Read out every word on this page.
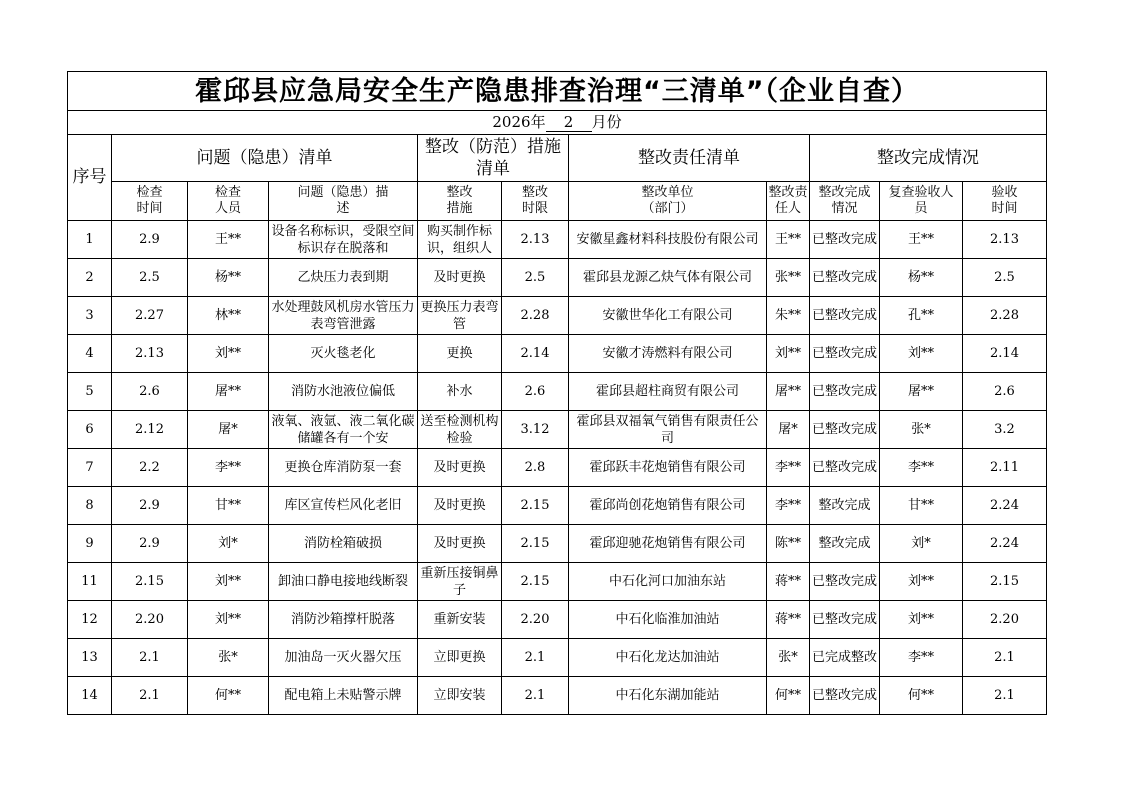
霍邱县应急局安全生产隐患排查治理“三清单”（企业自查）										
2026年 2 月份										
序号	问题（隐患）清单			整改（防范）措施清单		整改责任清单		整改完成情况		

	检查时间	检查人员	问题（隐患）描述	整改措施	整改时限	整改单位（部门）	整改责任人	整改完成情况	复查验收人员	验收时间

1	2.9	王**	设备名称标识，受限空间标识存在脱落和	购买制作标识，组织人	2.13	安徽星鑫材料科技股份有限公司	王**	已整改完成	王**	2.13

2	2.5	杨**	乙炔压力表到期	及时更换	2.5	霍邱县龙源乙炔气体有限公司	张**	已整改完成	杨**	2.5

3	2.27	林**	水处理鼓风机房水管压力表弯管泄露	更换压力表弯管	2.28	安徽世华化工有限公司	朱**	已整改完成	孔**	2.28

4	2.13	刘**	灭火毯老化	更换	2.14	安徽才涛燃料有限公司	刘**	已整改完成	刘**	2.14

5	2.6	屠**	消防水池液位偏低	补水	2.6	霍邱县超柱商贸有限公司	屠**	已整改完成	屠**	2.6

6	2.12	屠*	液氧、液氩、液二氧化碳储罐各有一个安	送至检测机构检验	3.12	霍邱县双福氧气销售有限责任公司	屠*	已整改完成	张*	3.2

7	2.2	李**	更换仓库消防泵一套	及时更换	2.8	霍邱跃丰花炮销售有限公司	李**	已整改完成	李**	2.11

8	2.9	甘**	库区宣传栏风化老旧	及时更换	2.15	霍邱尚创花炮销售有限公司	李**	整改完成	甘**	2.24

9	2.9	刘*	消防栓箱破损	及时更换	2.15	霍邱迎驰花炮销售有限公司	陈**	整改完成	刘*	2.24

11	2.15	刘**	卸油口静电接地线断裂	重新压接铜鼻子	2.15	中石化河口加油东站	蒋**	已整改完成	刘**	2.15

12	2.20	刘**	消防沙箱撑杆脱落	重新安装	2.20	中石化临淮加油站	蒋**	已整改完成	刘**	2.20

13	2.1	张*	加油岛一灭火器欠压	立即更换	2.1	中石化龙达加油站	张*	已完成整改	李**	2.1

14	2.1	何**	配电箱上未贴警示牌	立即安装	2.1	中石化东湖加能站	何**	已整改完成	何**	2.1
